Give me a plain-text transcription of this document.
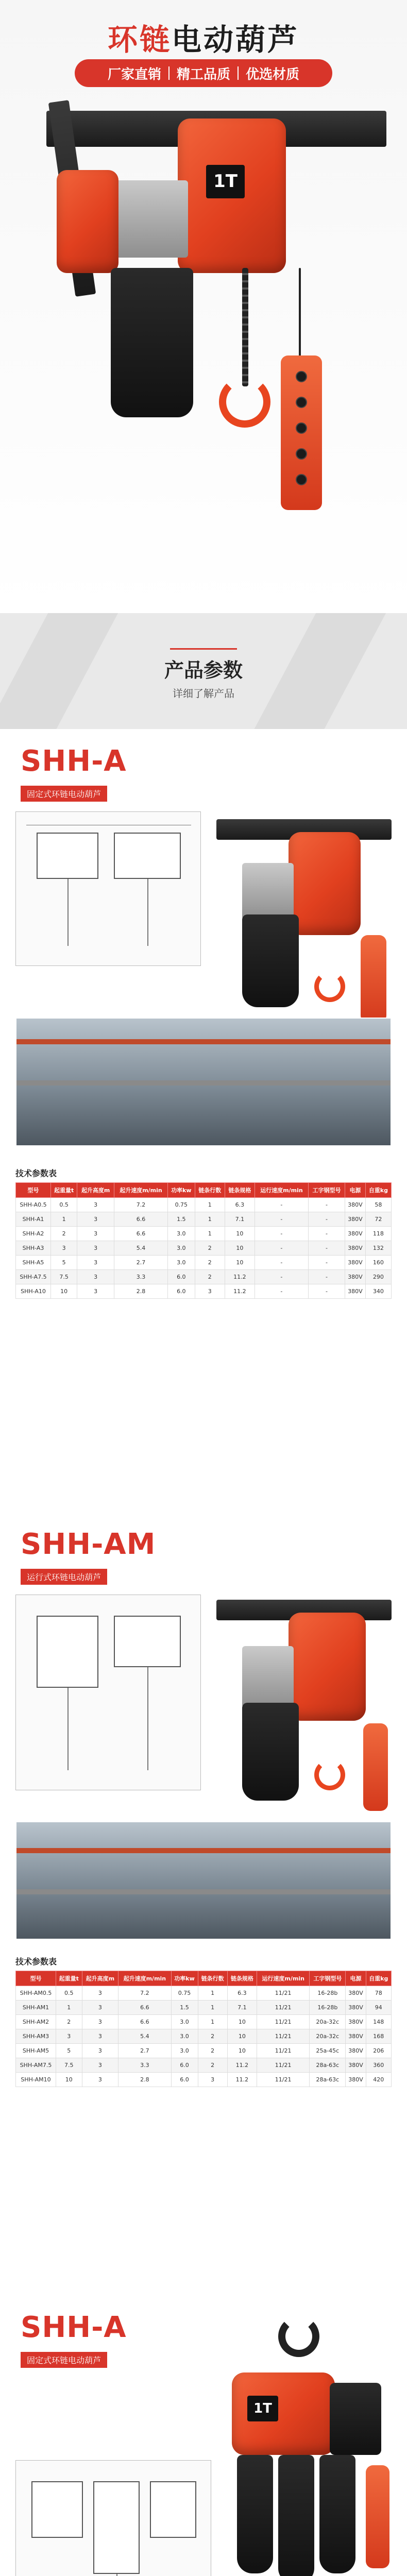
环链电动葫芦
厂家直销 精工品质 优选材质
1T
产品参数
详细了解产品
SHH-A
固定式环链电动葫芦
技术参数表
型号	起重量t	起升高度m	起升速度m/min	功率kw	链条行数	链条规格	运行速度m/min	工字钢型号	电源	自重kg
SHH-A0.5	0.5	3	7.2	0.75	1	6.3	-	-	380V	58
SHH-A1	1	3	6.6	1.5	1	7.1	-	-	380V	72
SHH-A2	2	3	6.6	3.0	1	10	-	-	380V	118
SHH-A3	3	3	5.4	3.0	2	10	-	-	380V	132
SHH-A5	5	3	2.7	3.0	2	10	-	-	380V	160
SHH-A7.5	7.5	3	3.3	6.0	2	11.2	-	-	380V	290
SHH-A10	10	3	2.8	6.0	3	11.2	-	-	380V	340
SHH-AM
运行式环链电动葫芦
技术参数表
型号	起重量t	起升高度m	起升速度m/min	功率kw	链条行数	链条规格	运行速度m/min	工字钢型号	电源	自重kg
SHH-AM0.5	0.5	3	7.2	0.75	1	6.3	11/21	16-28b	380V	78
SHH-AM1	1	3	6.6	1.5	1	7.1	11/21	16-28b	380V	94
SHH-AM2	2	3	6.6	3.0	1	10	11/21	20a-32c	380V	148
SHH-AM3	3	3	5.4	3.0	2	10	11/21	20a-32c	380V	168
SHH-AM5	5	3	2.7	3.0	2	10	11/21	25a-45c	380V	206
SHH-AM7.5	7.5	3	3.3	6.0	2	11.2	11/21	28a-63c	380V	360
SHH-AM10	10	3	2.8	6.0	3	11.2	11/21	28a-63c	380V	420
SHH-A
固定式环链电动葫芦
1T
